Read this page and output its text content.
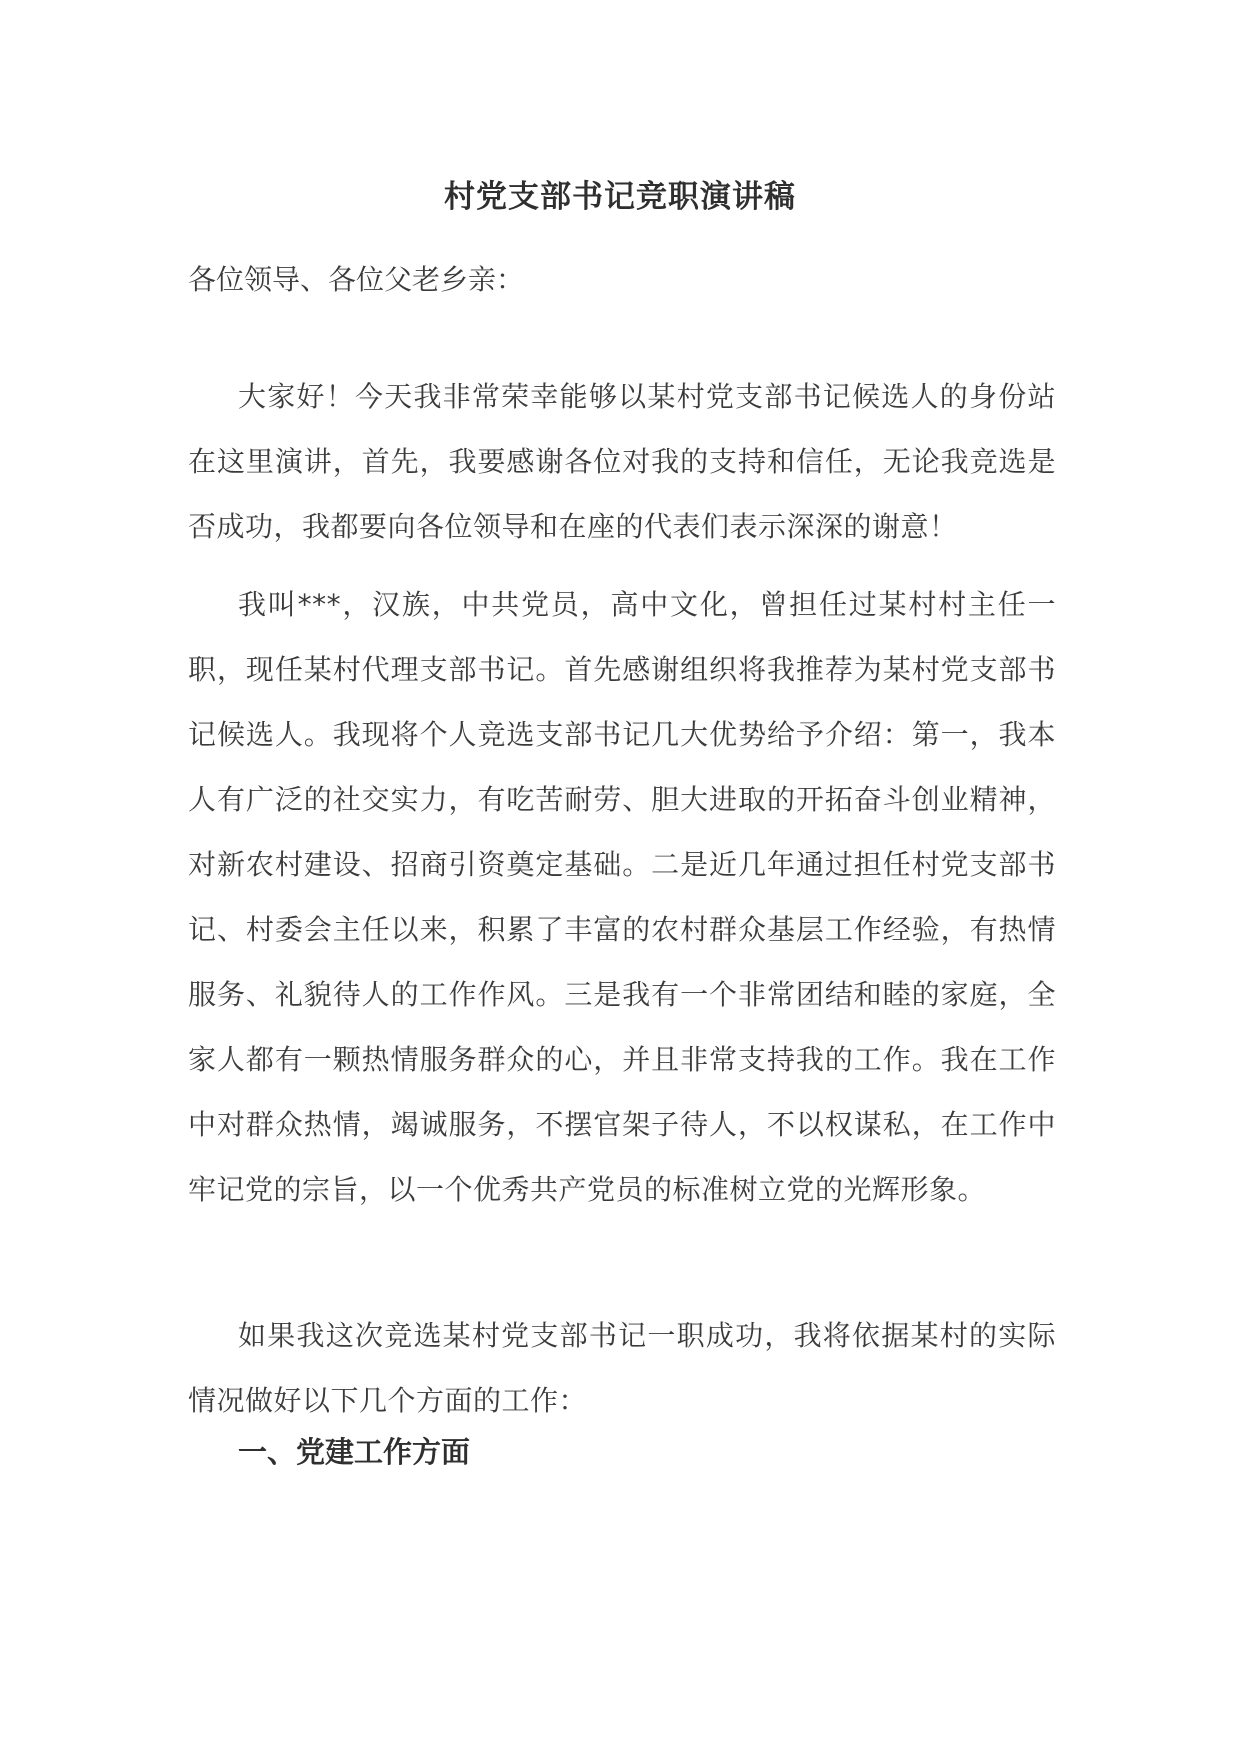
村党支部书记竞职演讲稿
各位领导、各位父老乡亲：

大家好！今天我非常荣幸能够以某村党支部书记候选人的身份站在这里演讲，首先，我要感谢各位对我的支持和信任，无论我竞选是否成功，我都要向各位领导和在座的代表们表示深深的谢意！

我叫***，汉族，中共党员，高中文化，曾担任过某村村主任一职，现任某村代理支部书记。首先感谢组织将我推荐为某村党支部书记候选人。我现将个人竞选支部书记几大优势给予介绍：第一，我本人有广泛的社交实力，有吃苦耐劳、胆大进取的开拓奋斗创业精神，对新农村建设、招商引资奠定基础。二是近几年通过担任村党支部书记、村委会主任以来，积累了丰富的农村群众基层工作经验，有热情服务、礼貌待人的工作作风。三是我有一个非常团结和睦的家庭，全家人都有一颗热情服务群众的心，并且非常支持我的工作。我在工作中对群众热情，竭诚服务，不摆官架子待人，不以权谋私，在工作中牢记党的宗旨，以一个优秀共产党员的标准树立党的光辉形象。

如果我这次竞选某村党支部书记一职成功，我将依据某村的实际情况做好以下几个方面的工作：

一、党建工作方面
